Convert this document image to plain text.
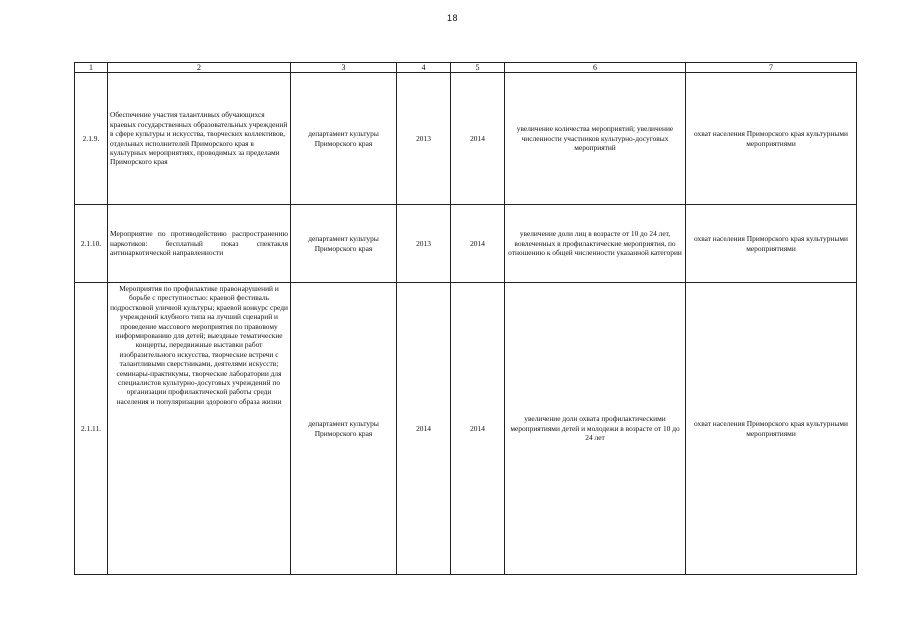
18
1	2	3	4	5	6	7
2.1.9.	Обеспечение участия талантливых обучающихся краевых государственных образовательных учреждений в сфере культуры и искусства, творческих коллективов, отдельных исполнителей Приморского края в культурных мероприятиях, проводимых за пределами Приморского края	департамент культуры Приморского края	2013	2014	увеличение количества мероприятий; увеличение численности участников культурно-досуговых мероприятий	охват населения Приморского края культурными мероприятиями
2.1.10.	Мероприятие по противодействию распространению наркотиков: бесплатный показ спектакля антинаркотической направленности	департамент культуры Приморского края	2013	2014	увеличение доли лиц в возрасте от 10 до 24 лет, вовлеченных в профилактические мероприятия, по отношению к общей численности указанной категории	охват населения Приморского края культурными мероприятиями
2.1.11.	Мероприятия по профилактике правонарушений и борьбе с преступностью: краевой фестиваль подростковой уличной культуры; краевой конкурс среди учреждений клубного типа на лучший сценарий и проведение массового мероприятия по правовому информированию для детей; выездные тематические концерты, передвижные выставки работ изобразительного искусства, творческие встречи с талантливыми сверстниками, деятелями искусств; семинары-практикумы, творческие лаборатории для специалистов культурно-досуговых учреждений по организации профилактической работы среди населения и популяризации здорового образа жизни	департамент культуры Приморского края	2014	2014	увеличение доли охвата профилактическими мероприятиями детей и молодежи в возрасте от 10 до 24 лет	охват населения Приморского края культурными мероприятиями
